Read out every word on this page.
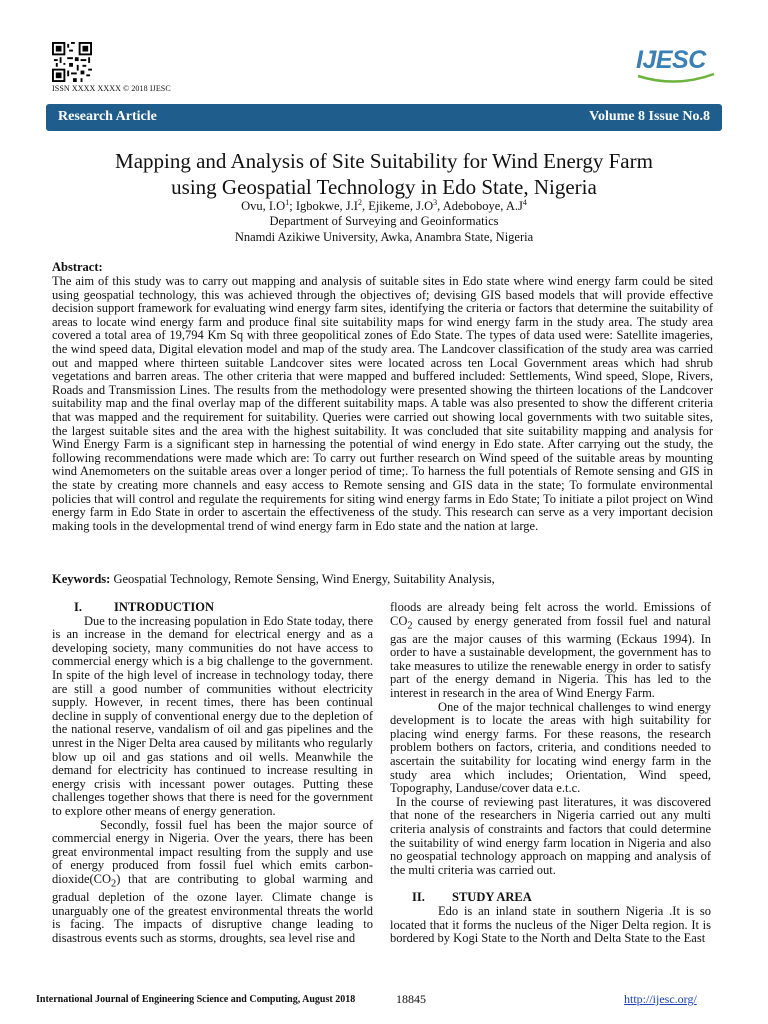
ISSN XXXX XXXX © 2018 IJESC
IJESC
Research Article	Volume 8 Issue No.8
Mapping and Analysis of Site Suitability for Wind Energy Farm
using Geospatial Technology in Edo State, Nigeria
Ovu, $I.O^1$; Igbokwe, $J.I^2$, Ejikeme, $J.O^3$, Adeboboye, $A.J^4$
Department of Surveying and Geoinformatics
Nnamdi Azikiwe University, Awka, Anambra State, Nigeria
Abstract:
The aim of this study was to carry out mapping and analysis of suitable sites in Edo state where wind energy farm could be sited using geospatial technology, this was achieved through the objectives of; devising GIS based models that will provide effective decision support framework for evaluating wind energy farm sites, identifying the criteria or factors that determine the suitability of areas to locate wind energy farm and produce final site suitability maps for wind energy farm in the study area. The study area covered a total area of 19,794 Km Sq with three geopolitical zones of Edo State. The types of data used were: Satellite imageries, the wind speed data, Digital elevation model and map of the study area. The Landcover classification of the study area was carried out and mapped where thirteen suitable Landcover sites were located across ten Local Government areas which had shrub vegetations and barren areas. The other criteria that were mapped and buffered included: Settlements, Wind speed, Slope, Rivers, Roads and Transmission Lines. The results from the methodology were presented showing the thirteen locations of the Landcover suitability map and the final overlay map of the different suitability maps. A table was also presented to show the different criteria that was mapped and the requirement for suitability. Queries were carried out showing local governments with two suitable sites, the largest suitable sites and the area with the highest suitability. It was concluded that site suitability mapping and analysis for Wind Energy Farm is a significant step in harnessing the potential of wind energy in Edo state. After carrying out the study, the following recommendations were made which are: To carry out further research on Wind speed of the suitable areas by mounting wind Anemometers on the suitable areas over a longer period of time;. To harness the full potentials of Remote sensing and GIS in the state by creating more channels and easy access to Remote sensing and GIS data in the state; To formulate environmental policies that will control and regulate the requirements for siting wind energy farms in Edo State; To initiate a pilot project on Wind energy farm in Edo State in order to ascertain the effectiveness of the study. This research can serve as a very important decision making tools in the developmental trend of wind energy farm in Edo state and the nation at large.
Keywords: Geospatial Technology, Remote Sensing, Wind Energy, Suitability Analysis,
I.	INTRODUCTION

Due to the increasing population in Edo State today, there is an increase in the demand for electrical energy and as a developing society, many communities do not have access to commercial energy which is a big challenge to the government. In spite of the high level of increase in technology today, there are still a good number of communities without electricity supply. However, in recent times, there has been continual decline in supply of conventional energy due to the depletion of the national reserve, vandalism of oil and gas pipelines and the unrest in the Niger Delta area caused by militants who regularly blow up oil and gas stations and oil wells. Meanwhile the demand for electricity has continued to increase resulting in energy crisis with incessant power outages. Putting these challenges together shows that there is need for the government to explore other means of energy generation.

Secondly, fossil fuel has been the major source of commercial energy in Nigeria. Over the years, there has been great environmental impact resulting from the supply and use of energy produced from fossil fuel which emits carbon-$dioxide(CO_2)$ that are contributing to global warming and gradual depletion of the ozone layer. Climate change is unarguably one of the greatest environmental threats the world is facing. The impacts of disruptive change leading to disastrous events such as storms, droughts, sea level rise and

floods are already being felt across the world. Emissions of $CO_2$ caused by energy generated from fossil fuel and natural gas are the major causes of this warming (Eckaus 1994). In order to have a sustainable development, the government has to take measures to utilize the renewable energy in order to satisfy part of the energy demand in Nigeria. This has led to the interest in research in the area of Wind Energy Farm.

One of the major technical challenges to wind energy development is to locate the areas with high suitability for placing wind energy farms. For these reasons, the research problem bothers on factors, criteria, and conditions needed to ascertain the suitability for locating wind energy farm in the study area which includes; Orientation, Wind speed, Topography, Landuse/cover data e.t.c.

In the course of reviewing past literatures, it was discovered that none of the researchers in Nigeria carried out any multi criteria analysis of constraints and factors that could determine the suitability of wind energy farm location in Nigeria and also no geospatial technology approach on mapping and analysis of the multi criteria was carried out.

II.	STUDY AREA

Edo is an inland state in southern Nigeria .It is so located that it forms the nucleus of the Niger Delta region. It is bordered by Kogi State to the North and Delta State to the East

International Journal of Engineering Science and Computing, August 2018	18845	http://ijesc.org/
